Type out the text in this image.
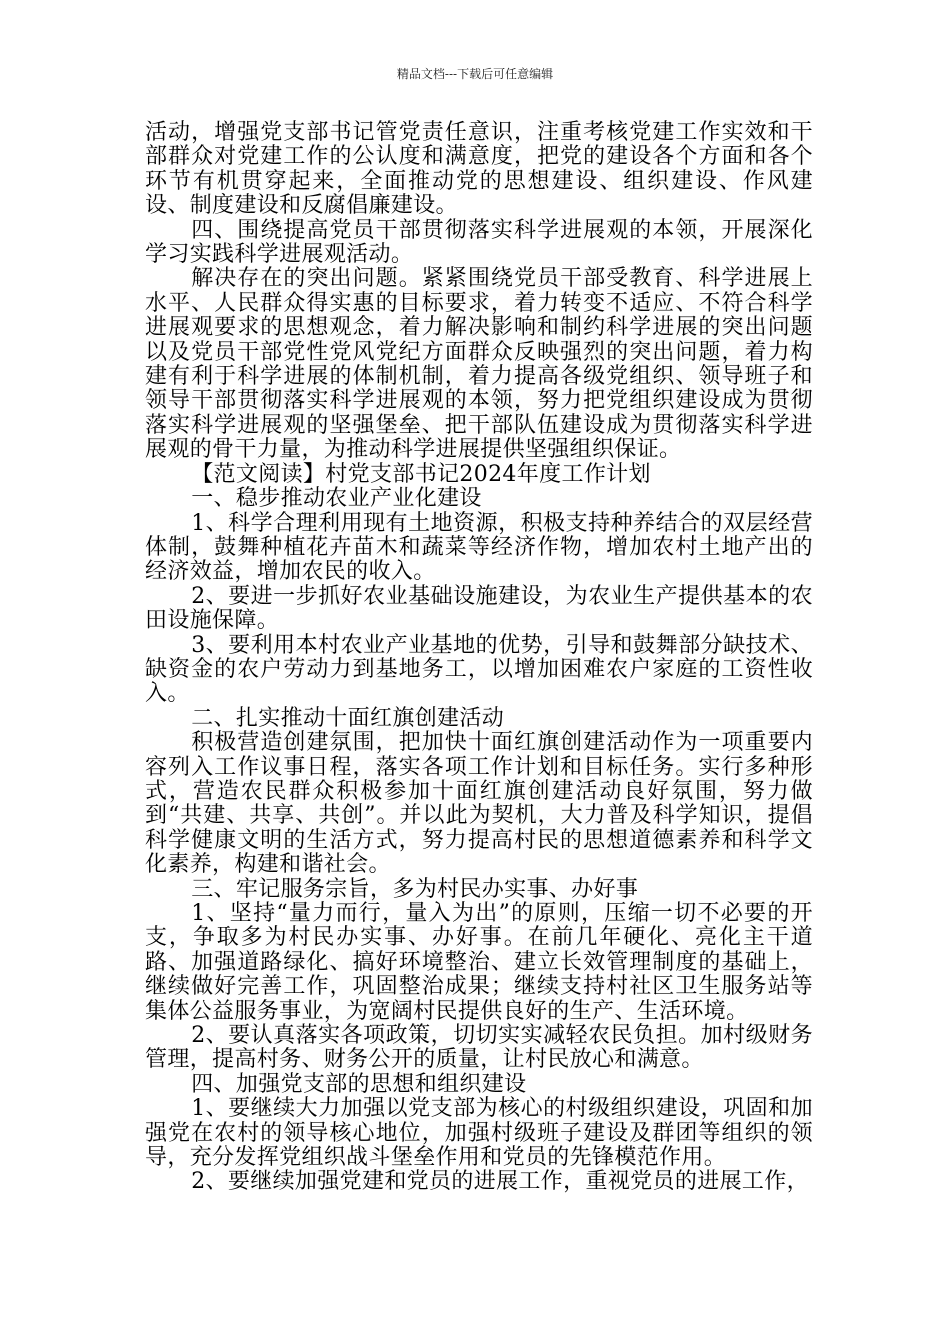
精品文档---下载后可任意编辑

活动，增强党支部书记管党责任意识，注重考核党建工作实效和干部群众对党建工作的公认度和满意度，把党的建设各个方面和各个环节有机贯穿起来，全面推动党的思想建设、组织建设、作风建设、制度建设和反腐倡廉建设。

四、围绕提高党员干部贯彻落实科学进展观的本领，开展深化学习实践科学进展观活动。

解决存在的突出问题。紧紧围绕党员干部受教育、科学进展上水平、人民群众得实惠的目标要求，着力转变不适应、不符合科学进展观要求的思想观念，着力解决影响和制约科学进展的突出问题以及党员干部党性党风党纪方面群众反映强烈的突出问题，着力构建有利于科学进展的体制机制，着力提高各级党组织、领导班子和领导干部贯彻落实科学进展观的本领，努力把党组织建设成为贯彻落实科学进展观的坚强堡垒、把干部队伍建设成为贯彻落实科学进展观的骨干力量，为推动科学进展提供坚强组织保证。

【范文阅读】村党支部书记2024年度工作计划

一、稳步推动农业产业化建设

1、科学合理利用现有土地资源，积极支持种养结合的双层经营体制，鼓舞种植花卉苗木和蔬菜等经济作物，增加农村土地产出的经济效益，增加农民的收入。

2、要进一步抓好农业基础设施建设，为农业生产提供基本的农田设施保障。

3、要利用本村农业产业基地的优势，引导和鼓舞部分缺技术、缺资金的农户劳动力到基地务工，以增加困难农户家庭的工资性收入。

二、扎实推动十面红旗创建活动

积极营造创建氛围，把加快十面红旗创建活动作为一项重要内容列入工作议事日程，落实各项工作计划和目标任务。实行多种形式，营造农民群众积极参加十面红旗创建活动良好氛围，努力做到“共建、共享、共创”。并以此为契机，大力普及科学知识，提倡科学健康文明的生活方式，努力提高村民的思想道德素养和科学文化素养，构建和谐社会。

三、牢记服务宗旨，多为村民办实事、办好事

1、坚持“量力而行，量入为出”的原则，压缩一切不必要的开支，争取多为村民办实事、办好事。在前几年硬化、亮化主干道路、加强道路绿化、搞好环境整治、建立长效管理制度的基础上，继续做好完善工作，巩固整治成果；继续支持村社区卫生服务站等集体公益服务事业，为宽阔村民提供良好的生产、生活环境。

2、要认真落实各项政策，切切实实减轻农民负担。加村级财务管理，提高村务、财务公开的质量，让村民放心和满意。

四、加强党支部的思想和组织建设

1、要继续大力加强以党支部为核心的村级组织建设，巩固和加强党在农村的领导核心地位，加强村级班子建设及群团等组织的领导，充分发挥党组织战斗堡垒作用和党员的先锋模范作用。

2、要继续加强党建和党员的进展工作，重视党员的进展工作，
